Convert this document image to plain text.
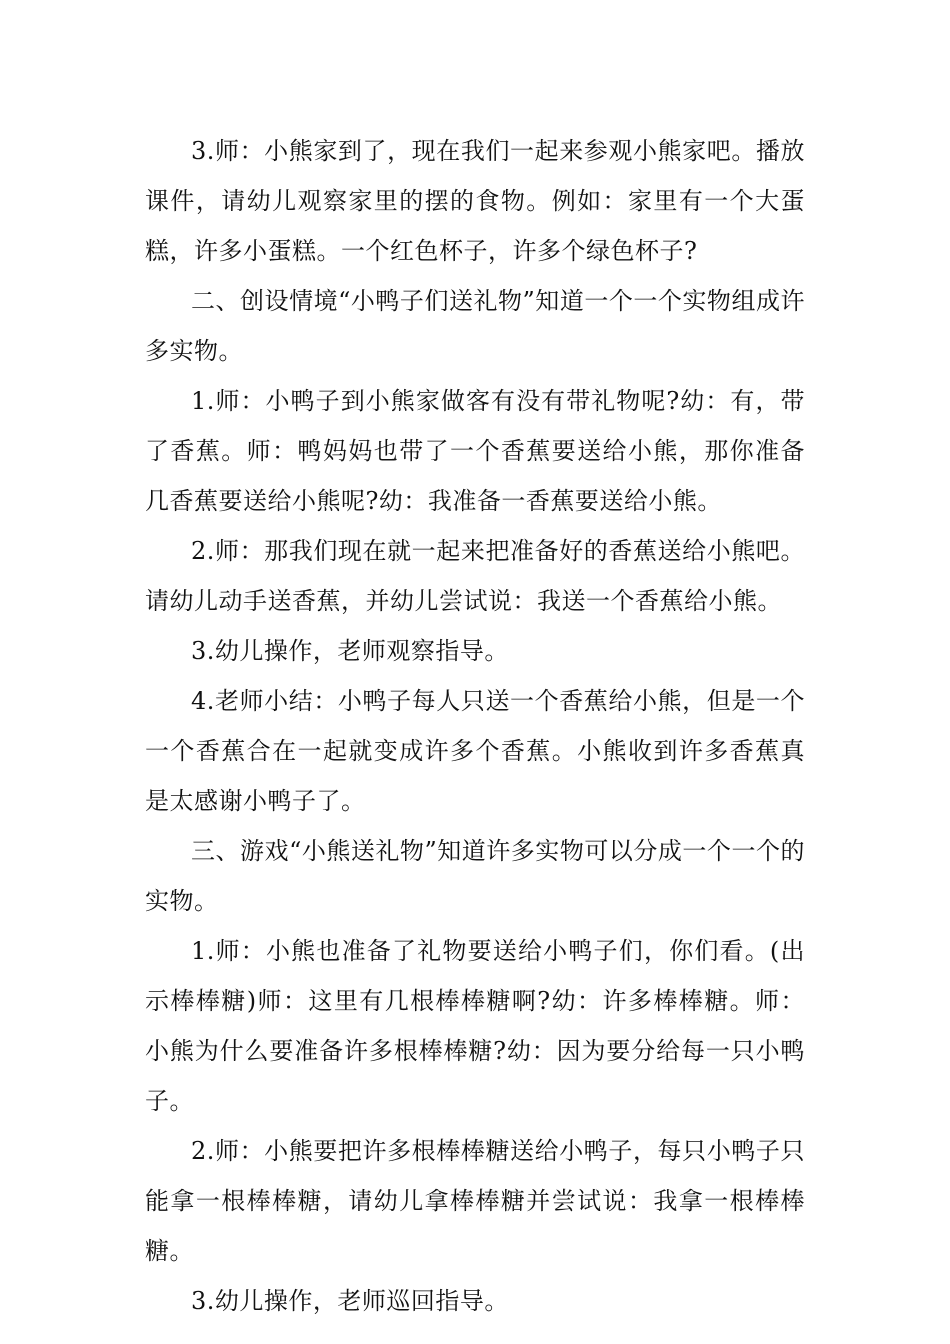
3.师：小熊家到了，现在我们一起来参观小熊家吧。播放课件，请幼儿观察家里的摆的食物。例如：家里有一个大蛋糕，许多小蛋糕。一个红色杯子，许多个绿色杯子?

二、创设情境“小鸭子们送礼物”知道一个一个实物组成许多实物。

1.师：小鸭子到小熊家做客有没有带礼物呢?幼：有，带了香蕉。师：鸭妈妈也带了一个香蕉要送给小熊，那你准备几香蕉要送给小熊呢?幼：我准备一香蕉要送给小熊。

2.师：那我们现在就一起来把准备好的香蕉送给小熊吧。请幼儿动手送香蕉，并幼儿尝试说：我送一个香蕉给小熊。

3.幼儿操作，老师观察指导。

4.老师小结：小鸭子每人只送一个香蕉给小熊，但是一个一个香蕉合在一起就变成许多个香蕉。小熊收到许多香蕉真是太感谢小鸭子了。

三、游戏“小熊送礼物”知道许多实物可以分成一个一个的实物。

1.师：小熊也准备了礼物要送给小鸭子们，你们看。(出示棒棒糖)师：这里有几根棒棒糖啊?幼：许多棒棒糖。师：小熊为什么要准备许多根棒棒糖?幼：因为要分给每一只小鸭子。

2.师：小熊要把许多根棒棒糖送给小鸭子，每只小鸭子只能拿一根棒棒糖，请幼儿拿棒棒糖并尝试说：我拿一根棒棒糖。

3.幼儿操作，老师巡回指导。
